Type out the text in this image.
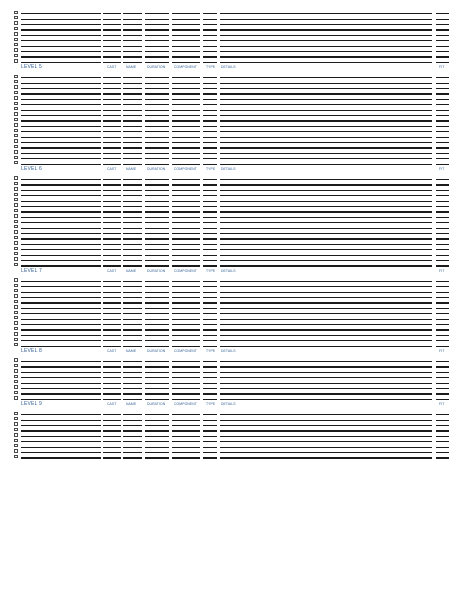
LEVEL 5	CAST	NAME	DURATION	COMPONENT	TYPE DETAILS	FIT
LEVEL 6	CAST	NAME	DURATION	COMPONENT	TYPE DETAILS	FIT
LEVEL 7	CAST	NAME	DURATION	COMPONENT	TYPE DETAILS	FIT
LEVEL 8	CAST	NAME	DURATION	COMPONENT	TYPE DETAILS	FIT
LEVEL 9	CAST	NAME	DURATION	COMPONENT	TYPE DETAILS	FIT
